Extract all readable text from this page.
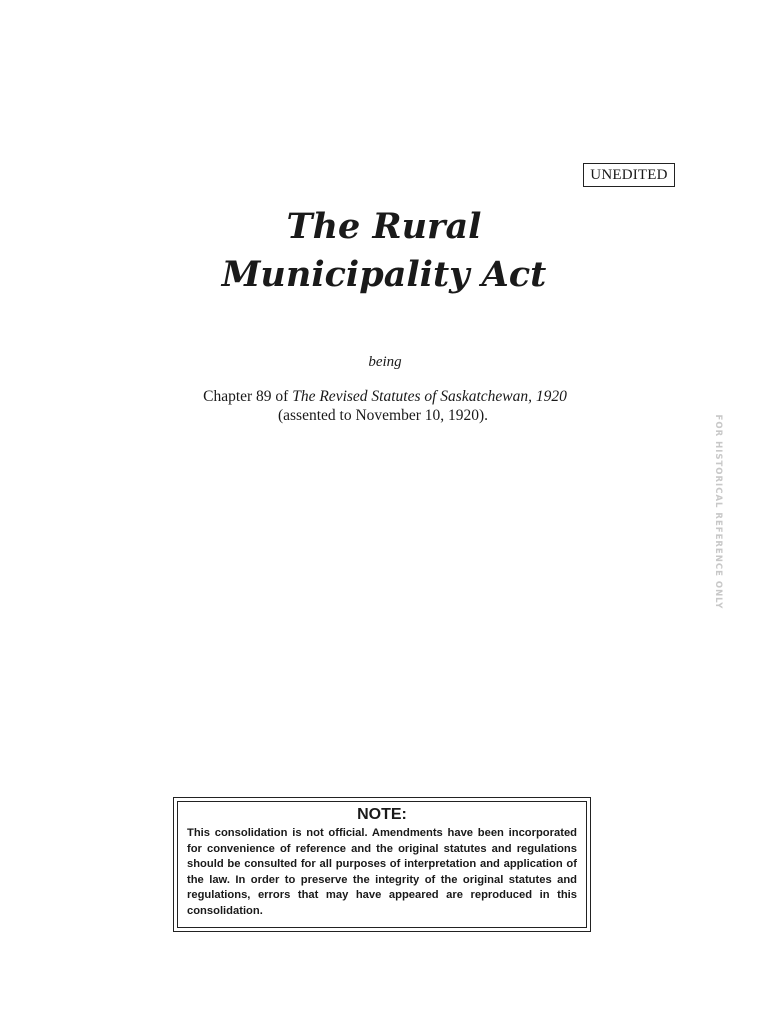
UNEDITED
The Rural
Municipality Act
being
Chapter 89 of The Revised Statutes of Saskatchewan, 1920
(assented to November 10, 1920).	FOR HISTORICAL REFERENCE ONLY
NOTE:

This consolidation is not official. Amendments have been incorporated for convenience of reference and the original statutes and regulations should be consulted for all purposes of interpretation and application of the law. In order to preserve the integrity of the original statutes and regulations, errors that may have appeared are reproduced in this consolidation.
